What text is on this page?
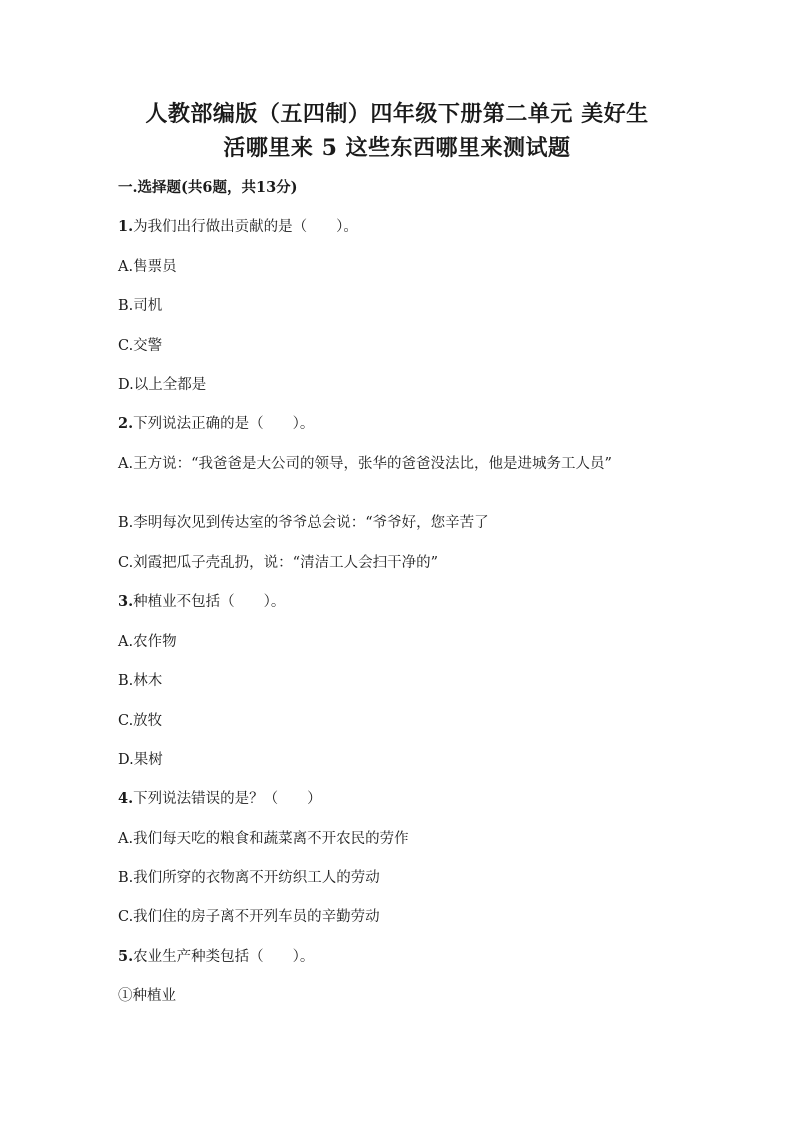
人教部编版（五四制）四年级下册第二单元 美好生
活哪里来 5 这些东西哪里来测试题
一.选择题(共6题，共13分)
1.为我们出行做出贡献的是（　　）。
A.售票员
B.司机
C.交警
D.以上全都是
2.下列说法正确的是（　　）。
A.王方说：“我爸爸是大公司的领导，张华的爸爸没法比，他是进城务工人员”
B.李明每次见到传达室的爷爷总会说：“爷爷好，您辛苦了
C.刘霞把瓜子壳乱扔，说：“清洁工人会扫干净的”
3.种植业不包括（　　）。
A.农作物
B.林木
C.放牧
D.果树
4.下列说法错误的是？（　　）
A.我们每天吃的粮食和蔬菜离不开农民的劳作
B.我们所穿的衣物离不开纺织工人的劳动
C.我们住的房子离不开列车员的辛勤劳动
5.农业生产种类包括（　　）。
①种植业
